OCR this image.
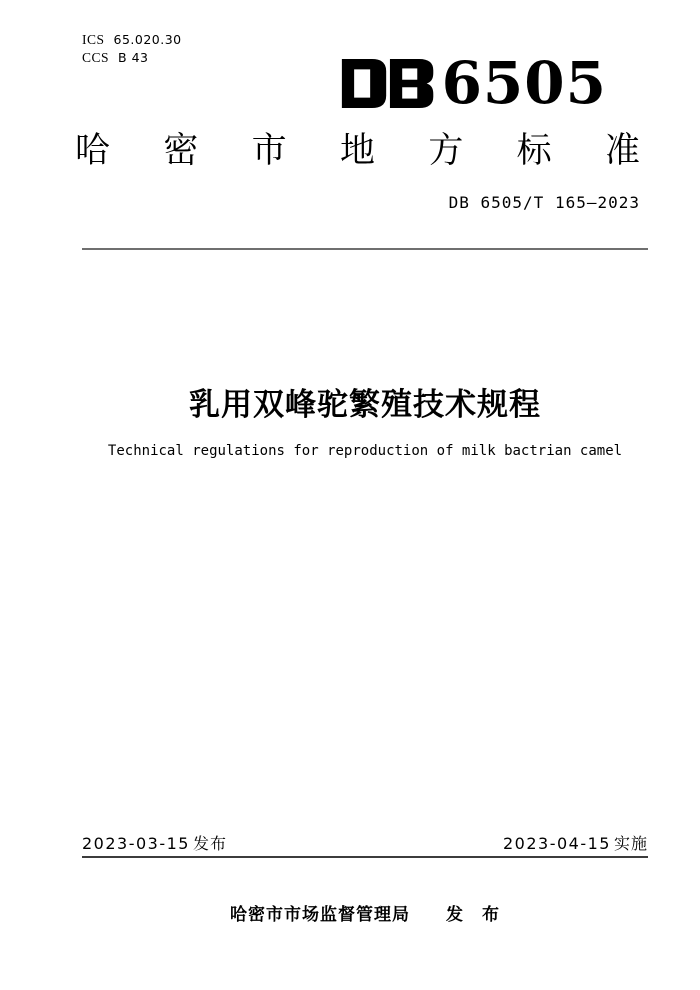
ICS 65.020.30
CCS B 43	6505
哈密市地方标准
DB 6505/T 165—2023
乳用双峰驼繁殖技术规程
Technical regulations for reproduction of milk bactrian camel
2023-03-15 发布	2023-04-15 实施
哈密市市场监督管理局 发　布
